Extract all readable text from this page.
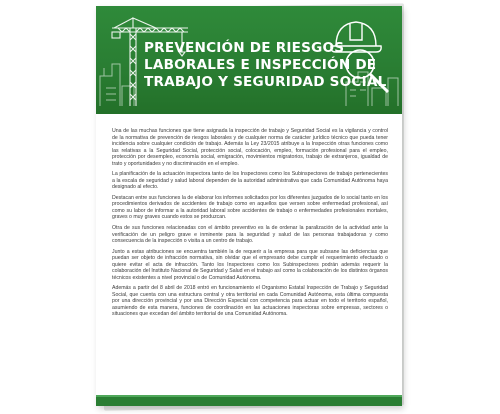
PREVENCIÓN DE RIESGOS
LABORALES E INSPECCIÓN DE
TRABAJO Y SEGURIDAD SOCIAL

Una de las muchas funciones que tiene asignada la inspección de trabajo y Seguridad Social es la vigilancia y control de la normativa de prevención de riesgos laborales y de cualquier norma de carácter jurídico técnico que pueda tener incidencia sobre cualquier condición de trabajo. Además la Ley 23/2015 atribuye a la Inspección otras funciones como las relativas a la Seguridad Social, protección social, colocación, empleo, formación profesional para el empleo, protección por desempleo, economía social, emigración, movimientos migratorios, trabajo de extranjeros, igualdad de trato y oportunidades y no discriminación en el empleo.

La planificación de la actuación inspectora tanto de los Inspectores como los Subinspectores de trabajo pertenecientes a la escala de seguridad y salud laboral dependen de la autoridad administrativa que cada Comunidad Autónoma haya designado al efecto.

Destacan entre sus funciones la de elaborar los informes solicitados por los diferentes juzgados de lo social tanto en los procedimientos derivados de accidentes de trabajo como en aquellos que versen sobre enfermedad profesional, así como su labor de informar a la autoridad laboral sobre accidentes de trabajo o enfermedades profesionales mortales, graves o muy graves cuando estos se produzcan.

Otra de sus funciones relacionadas con el ámbito preventivo es la de ordenar la paralización de la actividad ante la verificación de un peligro grave e inminente para la seguridad y salud de las personas trabajadoras y como consecuencia de la inspección o visita a un centro de trabajo.

Junto a estas atribuciones se encuentra también la de requerir a la empresa para que subsane las deficiencias que puedan ser objeto de infracción normativa, sin olvidar que el empresario debe cumplir el requerimiento efectuado o quiere evitar el acta de infracción. Tanto los Inspectores como los Subinspectores podrán además requerir la colaboración del Instituto Nacional de Seguridad y Salud en el trabajo así como la colaboración de los distintos órganos técnicos existentes a nivel provincial o de Comunidad Autónoma.

Además a partir del 8 abril de 2018 entró en funcionamiento el Organismo Estatal Inspección de Trabajo y Seguridad Social, que cuenta con una estructura central y otra territorial en cada Comunidad Autónoma, esta última compuesta por una dirección provincial y por una Dirección Especial con competencia para actuar en todo el territorio español, asumiendo de esta manera, funciones de coordinación en las actuaciones inspectoras sobre empresas, sectores o situaciones que excedan del ámbito territorial de una Comunidad Autónoma.
